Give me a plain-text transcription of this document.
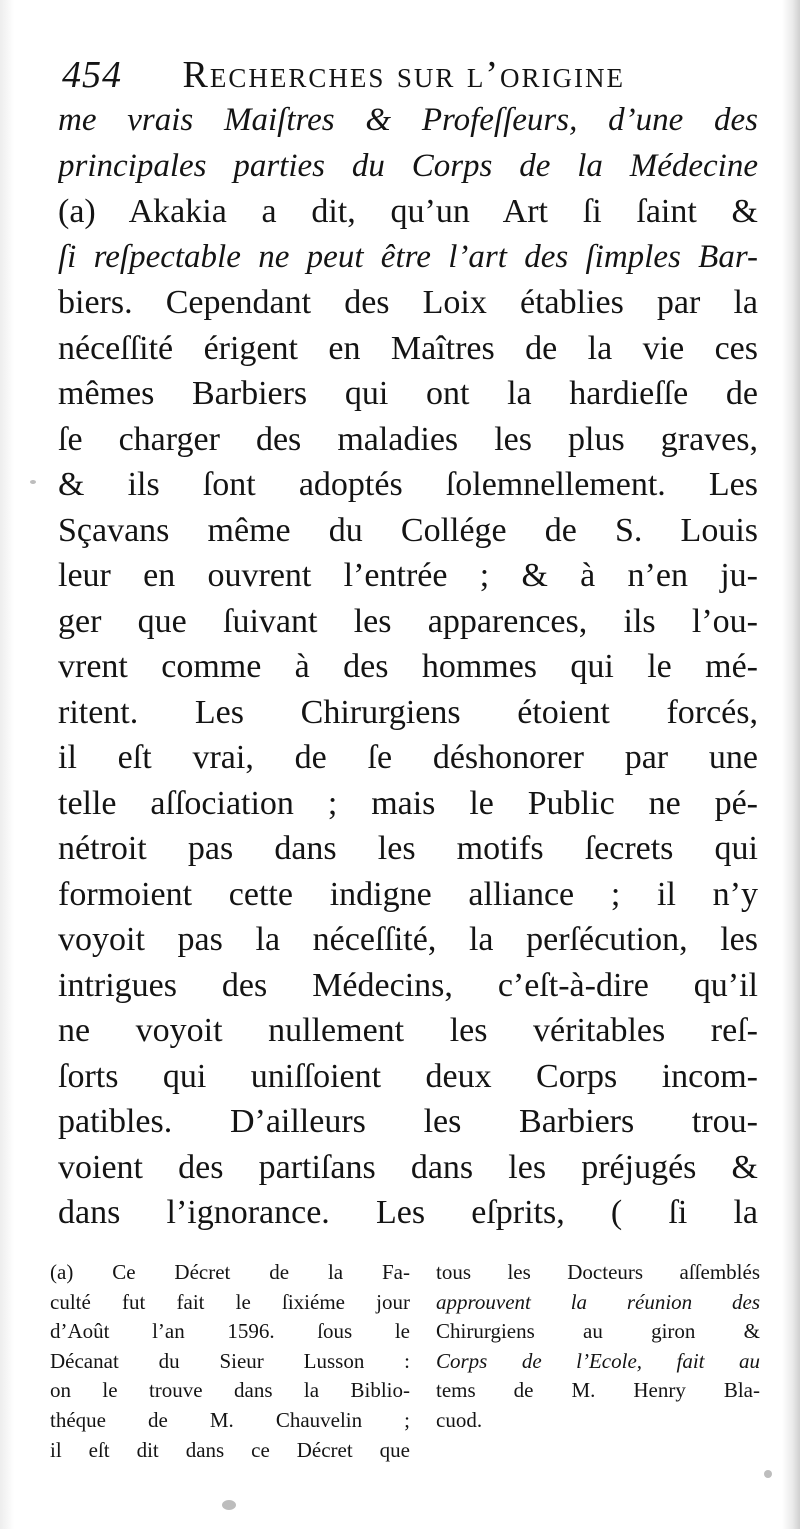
454 Recherches sur l’origine
me vrais Maiſtres & Profeſſeurs, d’une des
principales parties du Corps de la Médecine
(a) Akakia a dit, qu’un Art ſi ſaint &
ſi reſpectable ne peut être l’art des ſimples Bar-
biers. Cependant des Loix établies par la
néceſſité érigent en Maîtres de la vie ces
mêmes Barbiers qui ont la hardieſſe de
ſe charger des maladies les plus graves,
& ils ſont adoptés ſolemnellement. Les
Sçavans même du Collége de S. Louis
leur en ouvrent l’entrée ; & à n’en ju-
ger que ſuivant les apparences, ils l’ou-
vrent comme à des hommes qui le mé-
ritent. Les Chirurgiens étoient forcés,
il eſt vrai, de ſe déshonorer par une
telle aſſociation ; mais le Public ne pé-
nétroit pas dans les motifs ſecrets qui
formoient cette indigne alliance ; il n’y
voyoit pas la néceſſité, la perſécution, les
intrigues des Médecins, c’eſt-à-dire qu’il
ne voyoit nullement les véritables reſ-
ſorts qui uniſſoient deux Corps incom-
patibles. D’ailleurs les Barbiers trou-
voient des partiſans dans les préjugés &
dans l’ignorance. Les eſprits, ( ſi la
(a) Ce Décret de la Fa-
culté fut fait le ſixiéme jour
d’Août l’an 1596. ſous le
Décanat du Sieur Lusson :
on le trouve dans la Biblio-
théque de M. Chauvelin ;
il eſt dit dans ce Décret que
tous les Docteurs aſſemblés
approuvent la réunion des
Chirurgiens au giron &
Corps de l’Ecole, fait au
tems de M. Henry Bla-
cuod.
